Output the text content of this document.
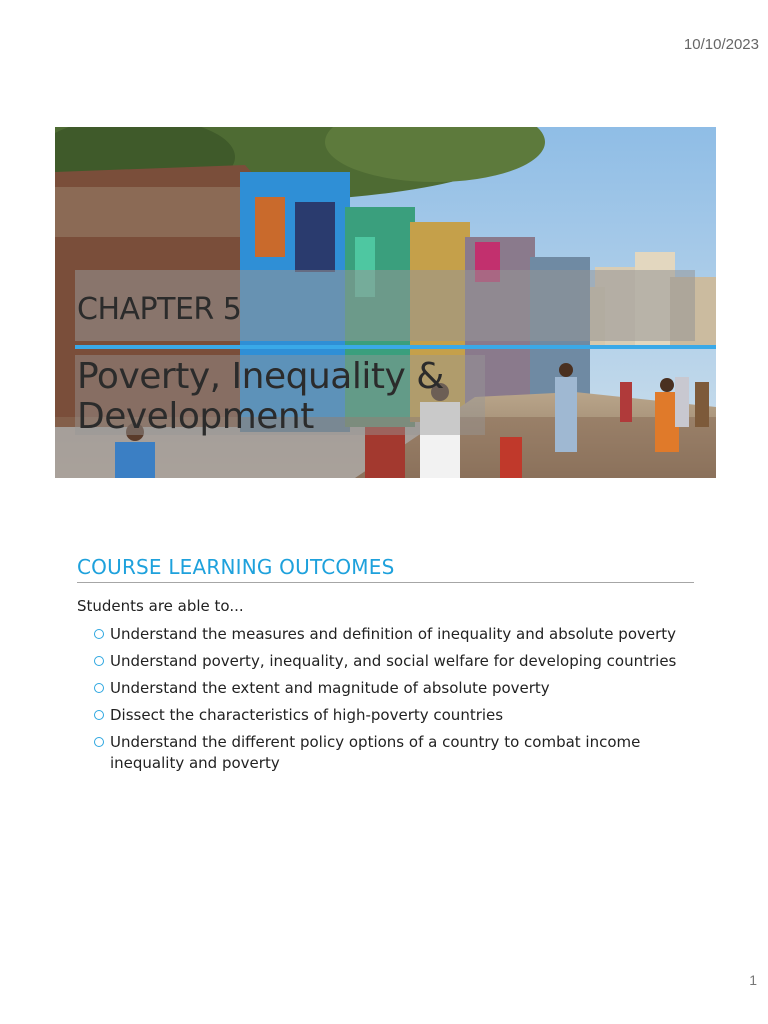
10/10/2023
CHAPTER 5
Poverty, Inequality & Development
COURSE LEARNING OUTCOMES
Students are able to...
Understand the measures and definition of inequality and absolute poverty
Understand poverty, inequality, and social welfare for developing countries
Understand the extent and magnitude of absolute poverty
Dissect the characteristics of high-poverty countries
Understand the different policy options of a country to combat income inequality and poverty
1
